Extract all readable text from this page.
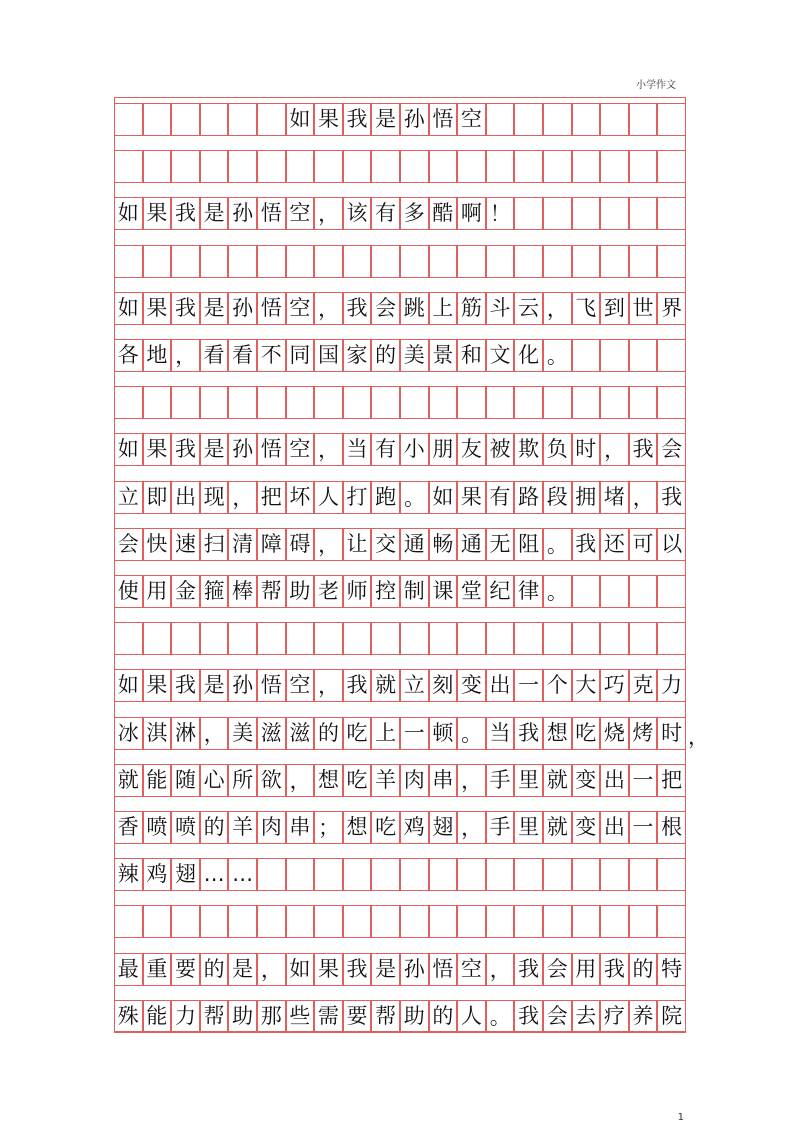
小学作文
如 果 我 是 孙 悟 空
如 果 我 是 孙 悟 空 ， 该 有 多 酷 啊 ！
如 果 我 是 孙 悟 空 ， 我 会 跳 上 筋 斗 云 ， 飞 到 世 界
各 地 ， 看 看 不 同 国 家 的 美 景 和 文 化 。
如 果 我 是 孙 悟 空 ， 当 有 小 朋 友 被 欺 负 时 ， 我 会
立 即 出 现 ， 把 坏 人 打 跑 。 如 果 有 路 段 拥 堵 ， 我
会 快 速 扫 清 障 碍 ， 让 交 通 畅 通 无 阻 。 我 还 可 以
使 用 金 箍 棒 帮 助 老 师 控 制 课 堂 纪 律 。
如 果 我 是 孙 悟 空 ， 我 就 立 刻 变 出 一 个 大 巧 克 力
冰 淇 淋 ， 美 滋 滋 的 吃 上 一 顿 。 当 我 想 吃 烧 烤 时 ，
就 能 随 心 所 欲 ， 想 吃 羊 肉 串 ， 手 里 就 变 出 一 把
香 喷 喷 的 羊 肉 串 ； 想 吃 鸡 翅 ， 手 里 就 变 出 一 根
辣 鸡 翅 … …
最 重 要 的 是 ， 如 果 我 是 孙 悟 空 ， 我 会 用 我 的 特
殊 能 力 帮 助 那 些 需 要 帮 助 的 人 。 我 会 去 疗 养 院
1
